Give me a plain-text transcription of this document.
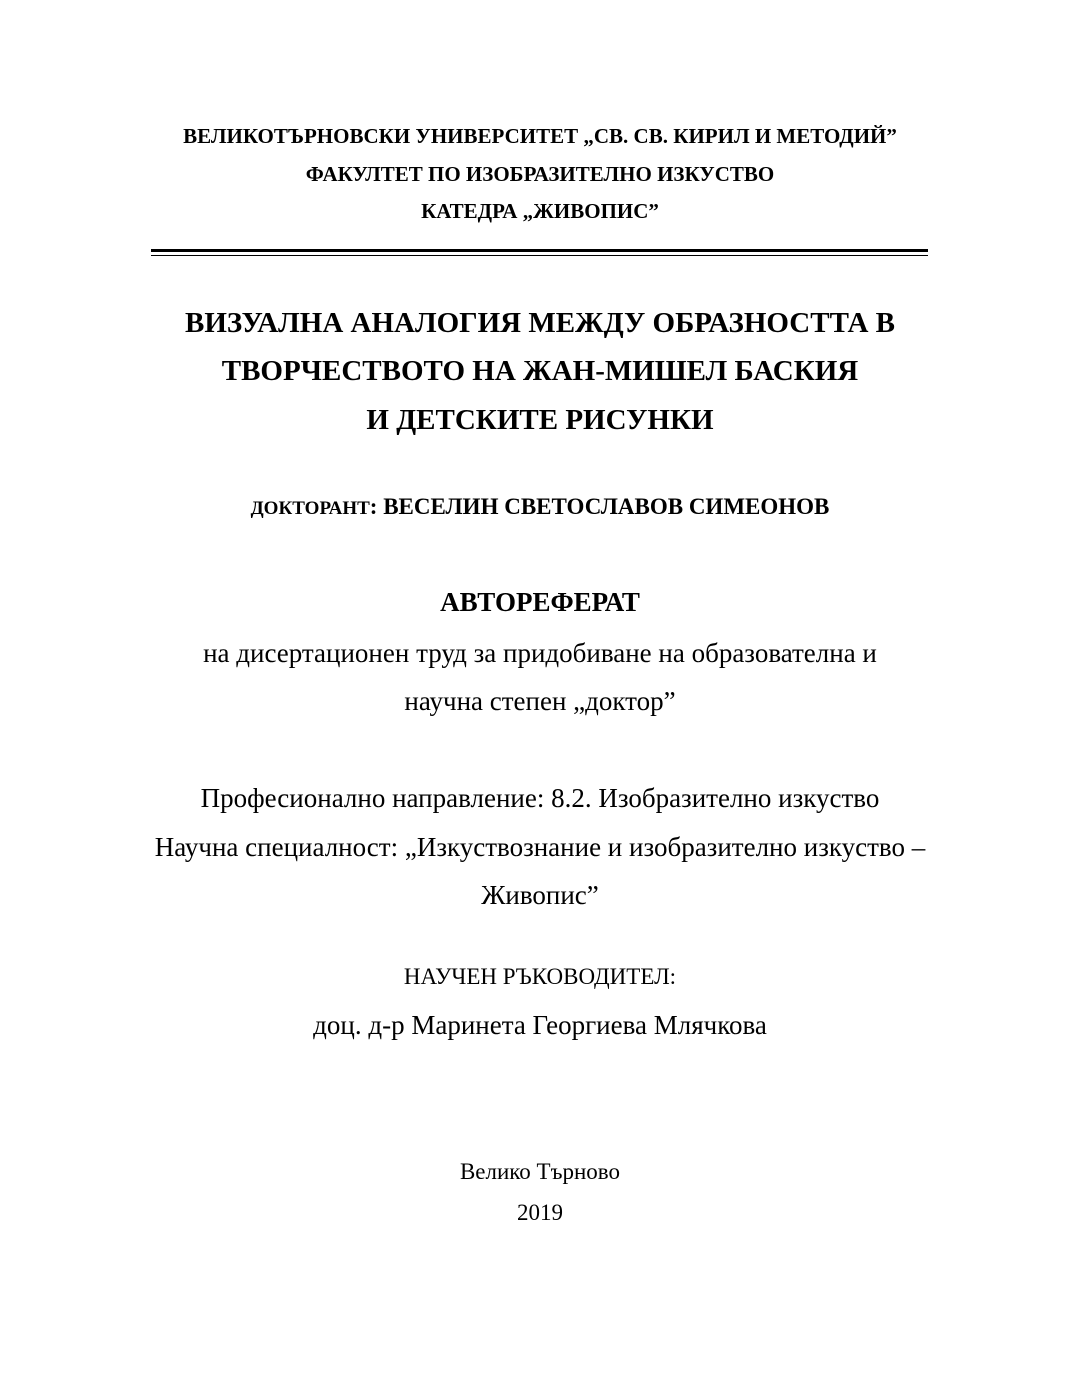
ВЕЛИКОТЪРНОВСКИ УНИВЕРСИТЕТ „СВ. СВ. КИРИЛ И МЕТОДИЙ”
ФАКУЛТЕТ ПО ИЗОБРАЗИТЕЛНО ИЗКУСТВО
КАТЕДРА „ЖИВОПИС”
ВИЗУАЛНА АНАЛОГИЯ МЕЖДУ ОБРАЗНОСТТА В
ТВОРЧЕСТВОТО НА ЖАН-МИШЕЛ БАСКИЯ
И ДЕТСКИТЕ РИСУНКИ
ДОКТОРАНТ: ВЕСЕЛИН СВЕТОСЛАВОВ СИМЕОНОВ
АВТОРЕФЕРАТ
на дисертационен труд за придобиване на образователна и
научна степен „доктор”
Професионално направление: 8.2. Изобразително изкуство
Научна специалност: „Изкуствознание и изобразително изкуство –
Живопис”
НАУЧЕН РЪКОВОДИТЕЛ:
доц. д-р Маринета Георгиева Млячкова
Велико Търново
2019
